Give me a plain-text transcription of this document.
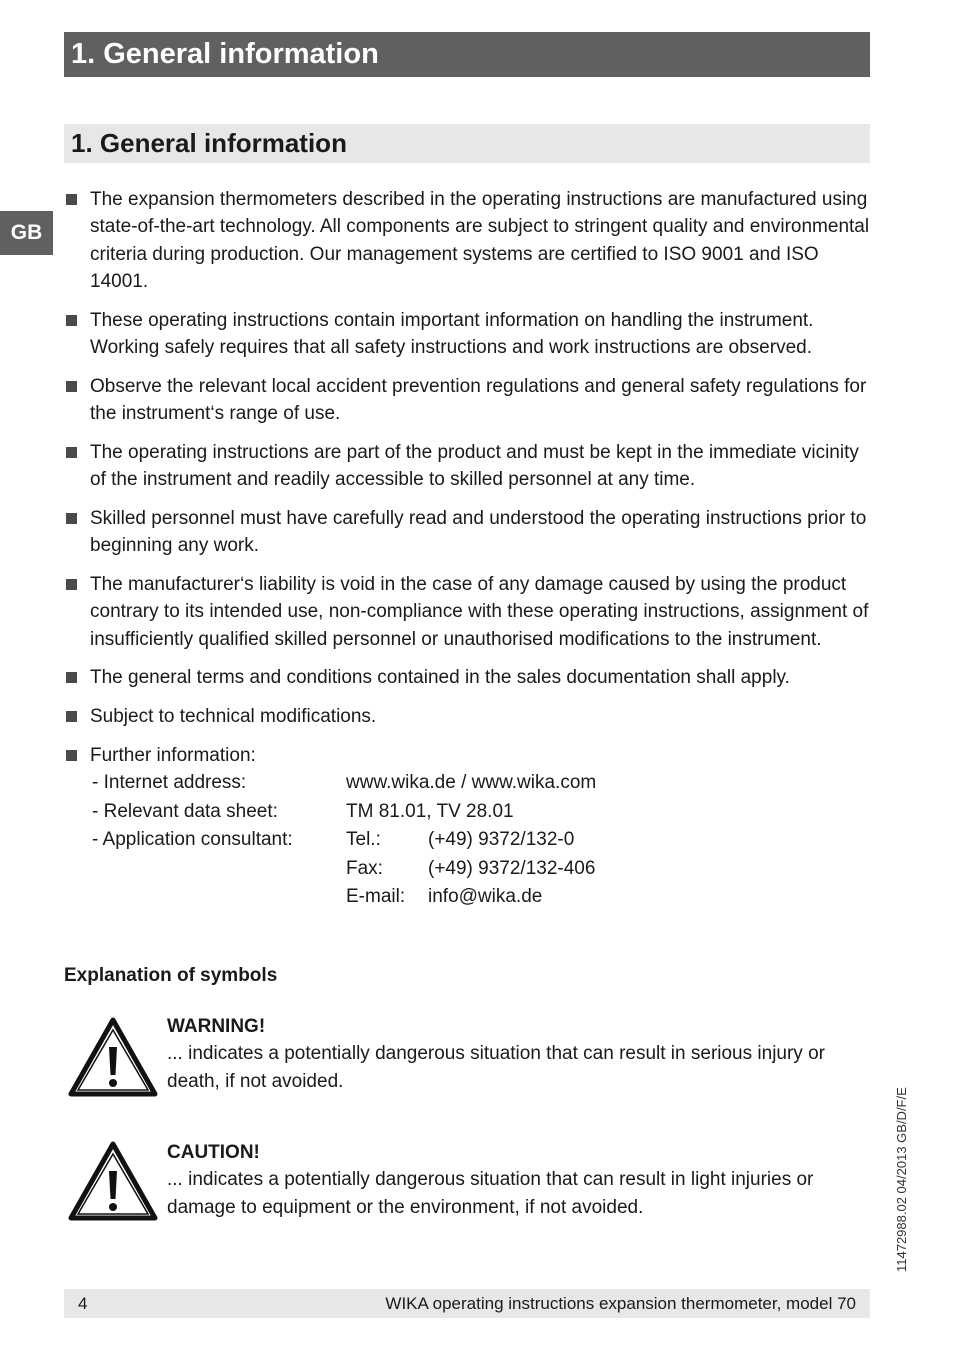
1. General information
1. General information
GB
The expansion thermometers described in the operating instructions are manufactured using state-of-the-art technology. All components are subject to stringent quality and environmental criteria during production. Our management systems are certified to ISO 9001 and ISO 14001.
These operating instructions contain important information on handling the instrument. Working safely requires that all safety instructions and work instructions are observed.
Observe the relevant local accident prevention regulations and general safety regulations for the instrument‘s range of use.
The operating instructions are part of the product and must be kept in the immediate vicinity of the instrument and readily accessible to skilled personnel at any time.
Skilled personnel must have carefully read and understood the operating instructions prior to beginning any work.
The manufacturer‘s liability is void in the case of any damage caused by using the product contrary to its intended use, non-compliance with these operating instructions, assignment of insufficiently qualified skilled personnel or unauthorised modifications to the instrument.
The general terms and conditions contained in the sales documentation shall apply.
Subject to technical modifications.
Further information:
- Internet address:	www.wika.de / www.wika.com
- Relevant data sheet:	TM 81.01, TV 28.01
- Application consultant:	Tel.:	(+49) 9372/132-0
Fax:	(+49) 9372/132-406
E-mail:	info@wika.de
Explanation of symbols
WARNING!
... indicates a potentially dangerous situation that can result in serious injury or death, if not avoided.
CAUTION!
... indicates a potentially dangerous situation that can result in light injuries or damage to equipment or the environment, if not avoided.	11472988.02 04/2013 GB/D/F/E
4	WIKA operating instructions expansion thermometer, model 70
